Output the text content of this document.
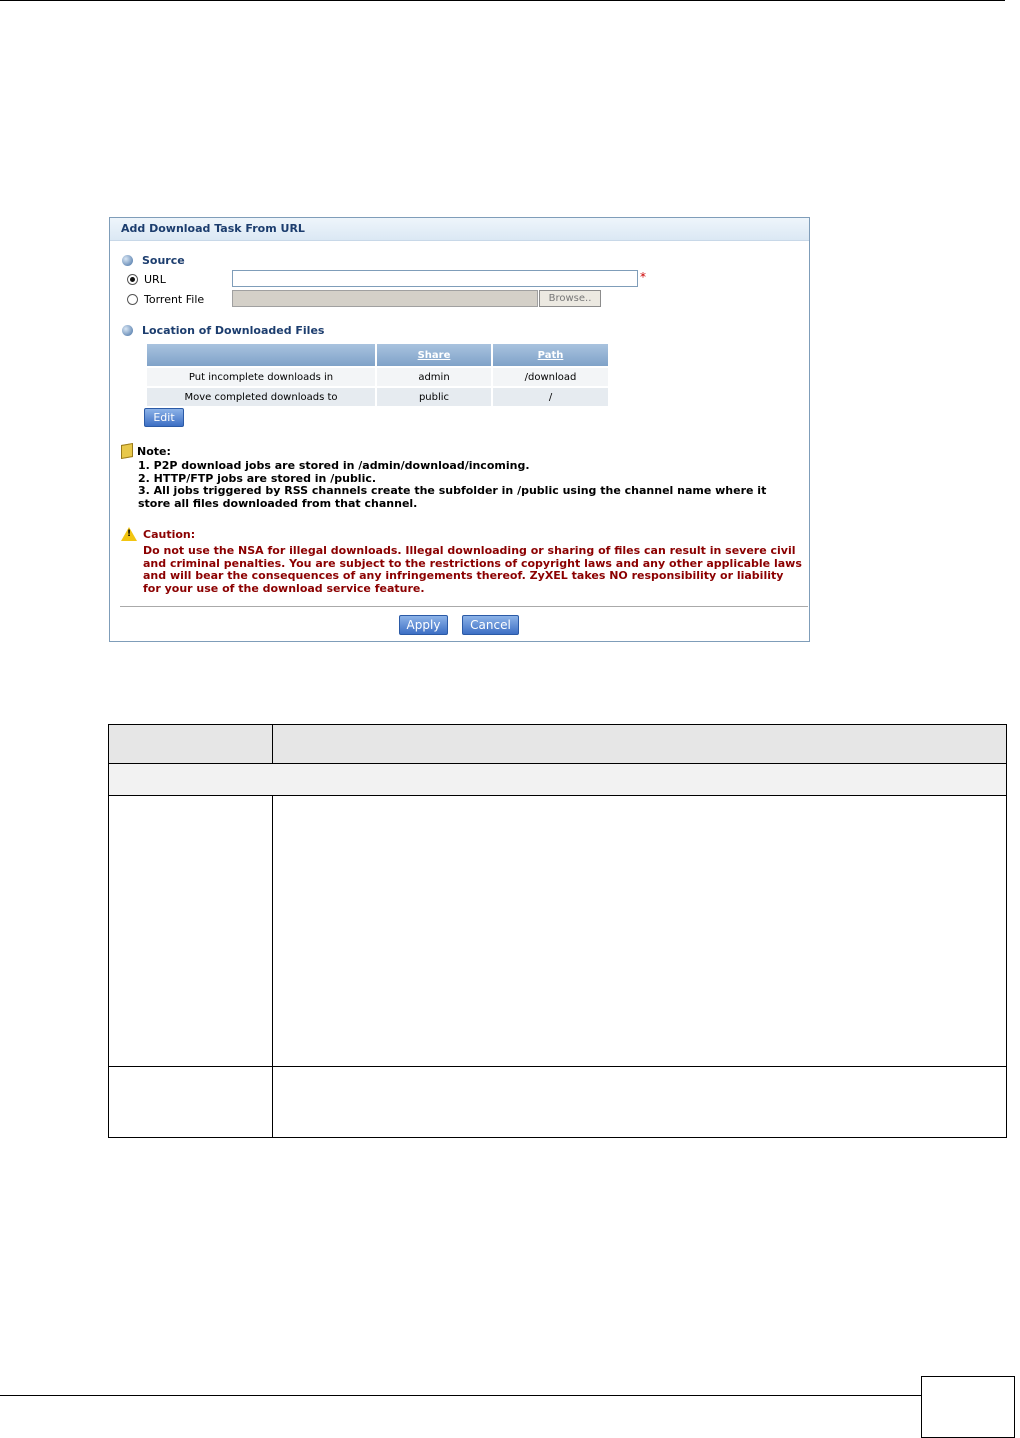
Add Download Task From URL
Source
URL	*
Torrent File	Browse..
Location of Downloaded Files
	Share	Path
Put incomplete downloads in	admin	/download
Move completed downloads to	public	/
Edit
Note:
1. P2P download jobs are stored in /admin/download/incoming.
2. HTTP/FTP jobs are stored in /public.
3. All jobs triggered by RSS channels create the subfolder in /public using the channel name where it
store all files downloaded from that channel.
!
Caution:
Do not use the NSA for illegal downloads. Illegal downloading or sharing of files can result in severe civil and criminal penalties. You are subject to the restrictions of copyright laws and any other applicable laws and will bear the consequences of any infringements thereof. ZyXEL takes NO responsibility or liability for your use of the download service feature.
Apply	Cancel
